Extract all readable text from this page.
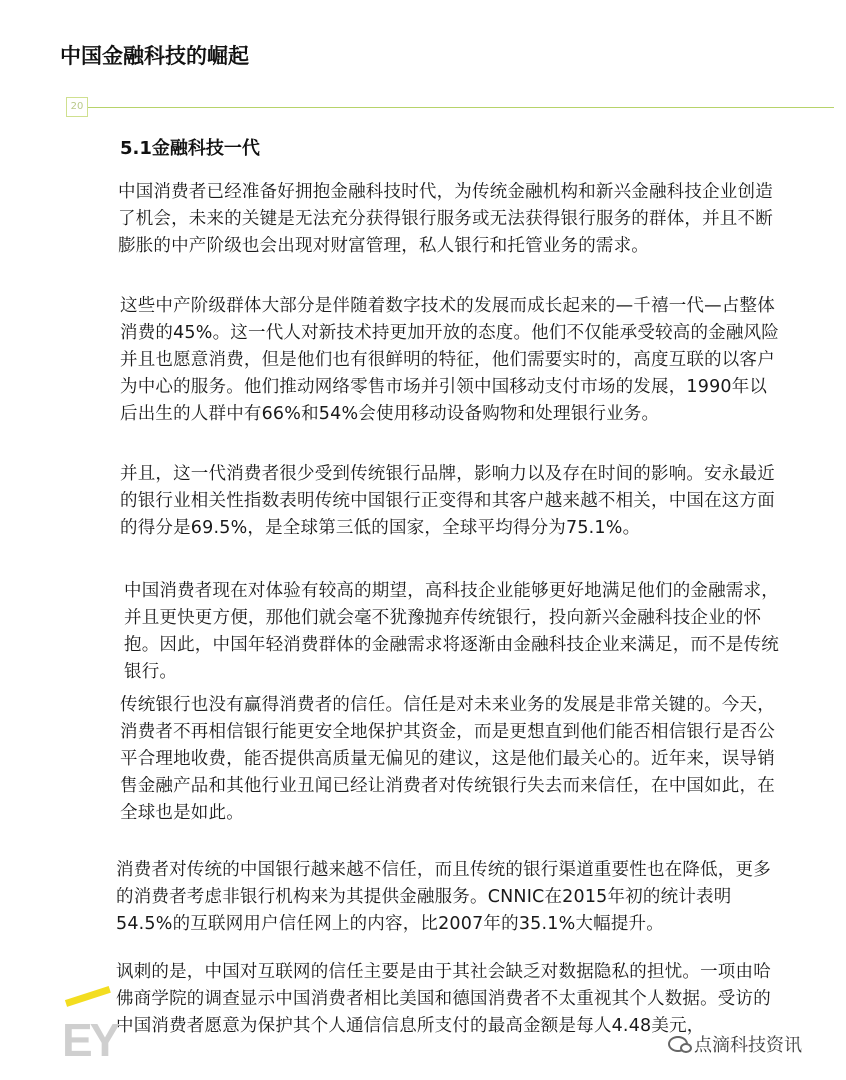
中国金融科技的崛起
20
5.1金融科技一代

中国消费者已经准备好拥抱金融科技时代，为传统金融机构和新兴金融科技企业创造了机会，未来的关键是无法充分获得银行服务或无法获得银行服务的群体，并且不断膨胀的中产阶级也会出现对财富管理，私人银行和托管业务的需求。

这些中产阶级群体大部分是伴随着数字技术的发展而成长起来的—千禧一代—占整体消费的45%。这一代人对新技术持更加开放的态度。他们不仅能承受较高的金融风险并且也愿意消费，但是他们也有很鲜明的特征，他们需要实时的，高度互联的以客户为中心的服务。他们推动网络零售市场并引领中国移动支付市场的发展，1990年以后出生的人群中有66%和54%会使用移动设备购物和处理银行业务。

并且，这一代消费者很少受到传统银行品牌，影响力以及存在时间的影响。安永最近的银行业相关性指数表明传统中国银行正变得和其客户越来越不相关，中国在这方面的得分是69.5%，是全球第三低的国家，全球平均得分为75.1%。

中国消费者现在对体验有较高的期望，高科技企业能够更好地满足他们的金融需求，并且更快更方便，那他们就会毫不犹豫抛弃传统银行，投向新兴金融科技企业的怀抱。因此，中国年轻消费群体的金融需求将逐渐由金融科技企业来满足，而不是传统银行。

传统银行也没有赢得消费者的信任。信任是对未来业务的发展是非常关键的。今天，消费者不再相信银行能更安全地保护其资金，而是更想直到他们能否相信银行是否公平合理地收费，能否提供高质量无偏见的建议，这是他们最关心的。近年来，误导销售金融产品和其他行业丑闻已经让消费者对传统银行失去而来信任，在中国如此，在全球也是如此。

消费者对传统的中国银行越来越不信任，而且传统的银行渠道重要性也在降低，更多的消费者考虑非银行机构来为其提供金融服务。CNNIC在2015年初的统计表明54.5%的互联网用户信任网上的内容，比2007年的35.1%大幅提升。

讽刺的是，中国对互联网的信任主要是由于其社会缺乏对数据隐私的担忧。一项由哈佛商学院的调查显示中国消费者相比美国和德国消费者不太重视其个人数据。受访的中国消费者愿意为保护其个人通信信息所支付的最高金额是每人4.48美元，

EY	点滴科技资讯
